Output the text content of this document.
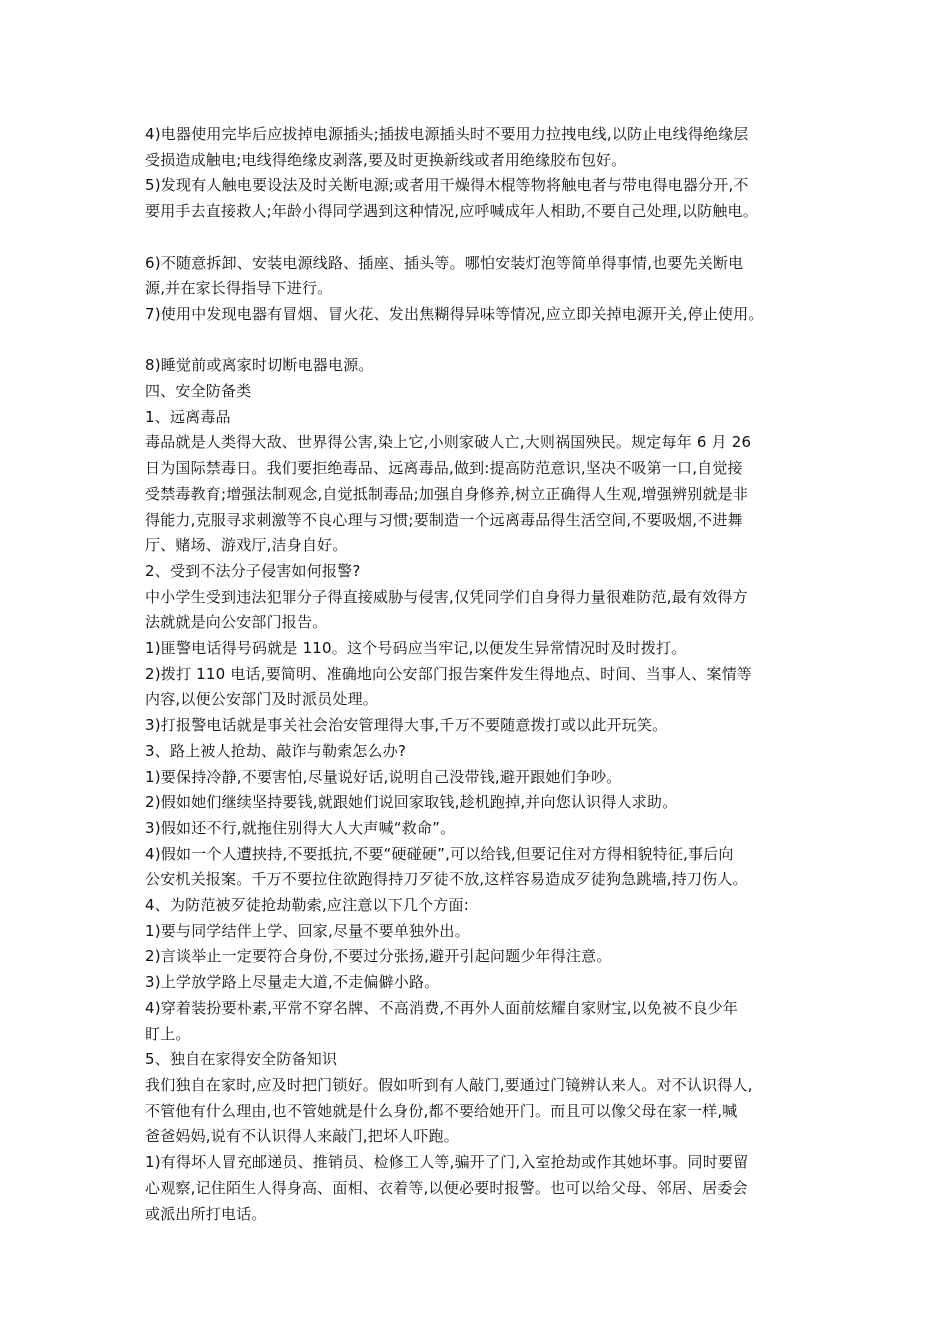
4)电器使用完毕后应拔掉电源插头;插拔电源插头时不要用力拉拽电线,以防止电线得绝缘层
受损造成触电;电线得绝缘皮剥落,要及时更换新线或者用绝缘胶布包好。

5)发现有人触电要设法及时关断电源;或者用干燥得木棍等物将触电者与带电得电器分开,不
要用手去直接救人;年龄小得同学遇到这种情况,应呼喊成年人相助,不要自己处理,以防触电。

6)不随意拆卸、安装电源线路、插座、插头等。哪怕安装灯泡等简单得事情,也要先关断电
源,并在家长得指导下进行。

7)使用中发现电器有冒烟、冒火花、发出焦糊得异味等情况,应立即关掉电源开关,停止使用。

8)睡觉前或离家时切断电器电源。

四、安全防备类

1、远离毒品

毒品就是人类得大敌、世界得公害,染上它,小则家破人亡,大则祸国殃民。规定每年 6 月 26
日为国际禁毒日。我们要拒绝毒品、远离毒品,做到:提高防范意识,坚决不吸第一口,自觉接
受禁毒教育;增强法制观念,自觉抵制毒品;加强自身修养,树立正确得人生观,增强辨别就是非
得能力,克服寻求刺激等不良心理与习惯;要制造一个远离毒品得生活空间,不要吸烟,不进舞
厅、赌场、游戏厅,洁身自好。

2、受到不法分子侵害如何报警?

中小学生受到违法犯罪分子得直接威胁与侵害,仅凭同学们自身得力量很难防范,最有效得方
法就就是向公安部门报告。

1)匪警电话得号码就是 110。这个号码应当牢记,以便发生异常情况时及时拨打。

2)拨打 110 电话,要简明、准确地向公安部门报告案件发生得地点、时间、当事人、案情等
内容,以便公安部门及时派员处理。

3)打报警电话就是事关社会治安管理得大事,千万不要随意拨打或以此开玩笑。

3、路上被人抢劫、敲诈与勒索怎么办?

1)要保持冷静,不要害怕,尽量说好话,说明自己没带钱,避开跟她们争吵。

2)假如她们继续坚持要钱,就跟她们说回家取钱,趁机跑掉,并向您认识得人求助。

3)假如还不行,就拖住别得大人大声喊“救命”。

4)假如一个人遭挟持,不要抵抗,不要“硬碰硬”,可以给钱,但要记住对方得相貌特征,事后向
公安机关报案。千万不要拉住欲跑得持刀歹徒不放,这样容易造成歹徒狗急跳墙,持刀伤人。

4、为防范被歹徒抢劫勒索,应注意以下几个方面:

1)要与同学结伴上学、回家,尽量不要单独外出。

2)言谈举止一定要符合身份,不要过分张扬,避开引起问题少年得注意。

3)上学放学路上尽量走大道,不走偏僻小路。

4)穿着装扮要朴素,平常不穿名牌、不高消费,不再外人面前炫耀自家财宝,以免被不良少年
盯上。

5、独自在家得安全防备知识

我们独自在家时,应及时把门锁好。假如听到有人敲门,要通过门镜辨认来人。对不认识得人,
不管他有什么理由,也不管她就是什么身份,都不要给她开门。而且可以像父母在家一样,喊
爸爸妈妈,说有不认识得人来敲门,把坏人吓跑。

1)有得坏人冒充邮递员、推销员、检修工人等,骗开了门,入室抢劫或作其她坏事。同时要留
心观察,记住陌生人得身高、面相、衣着等,以便必要时报警。也可以给父母、邻居、居委会
或派出所打电话。
